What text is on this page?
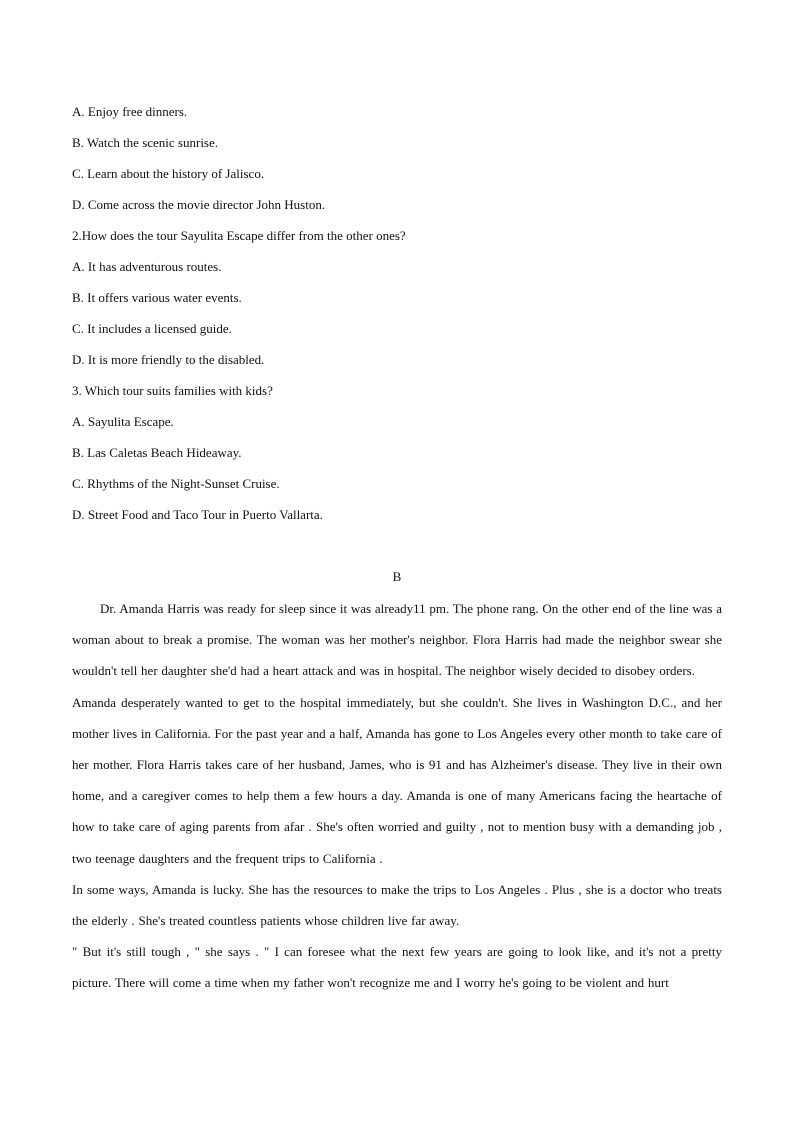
A. Enjoy free dinners.
B. Watch the scenic sunrise.
C. Learn about the history of Jalisco.
D. Come across the movie director John Huston.
2.How does the tour Sayulita Escape differ from the other ones?
A. It has adventurous routes.
B. It offers various water events.
C. It includes a licensed guide.
D. It is more friendly to the disabled.
3. Which tour suits families with kids?
A. Sayulita Escape.
B. Las Caletas Beach Hideaway.
C. Rhythms of the Night-Sunset Cruise.
D. Street Food and Taco Tour in Puerto Vallarta.
B

Dr. Amanda Harris was ready for sleep since it was already11 pm. The phone rang. On the other end of the line was a woman about to break a promise. The woman was her mother's neighbor. Flora Harris had made the neighbor swear she wouldn't tell her daughter she'd had a heart attack and was in hospital. The neighbor wisely decided to disobey orders.

Amanda desperately wanted to get to the hospital immediately, but she couldn't. She lives in Washington D.C., and her mother lives in California. For the past year and a half, Amanda has gone to Los Angeles every other month to take care of her mother. Flora Harris takes care of her husband, James, who is 91 and has Alzheimer's disease. They live in their own home, and a caregiver comes to help them a few hours a day. Amanda is one of many Americans facing the heartache of how to take care of aging parents from afar . She's often worried and guilty , not to mention busy with a demanding job , two teenage daughters and the frequent trips to California .

In some ways, Amanda is lucky. She has the resources to make the trips to Los Angeles . Plus , she is a doctor who treats the elderly . She's treated countless patients whose children live far away.

" But it's still tough , " she says . " I can foresee what the next few years are going to look like, and it's not a pretty picture. There will come a time when my father won't recognize me and I worry he's going to be violent and hurt
